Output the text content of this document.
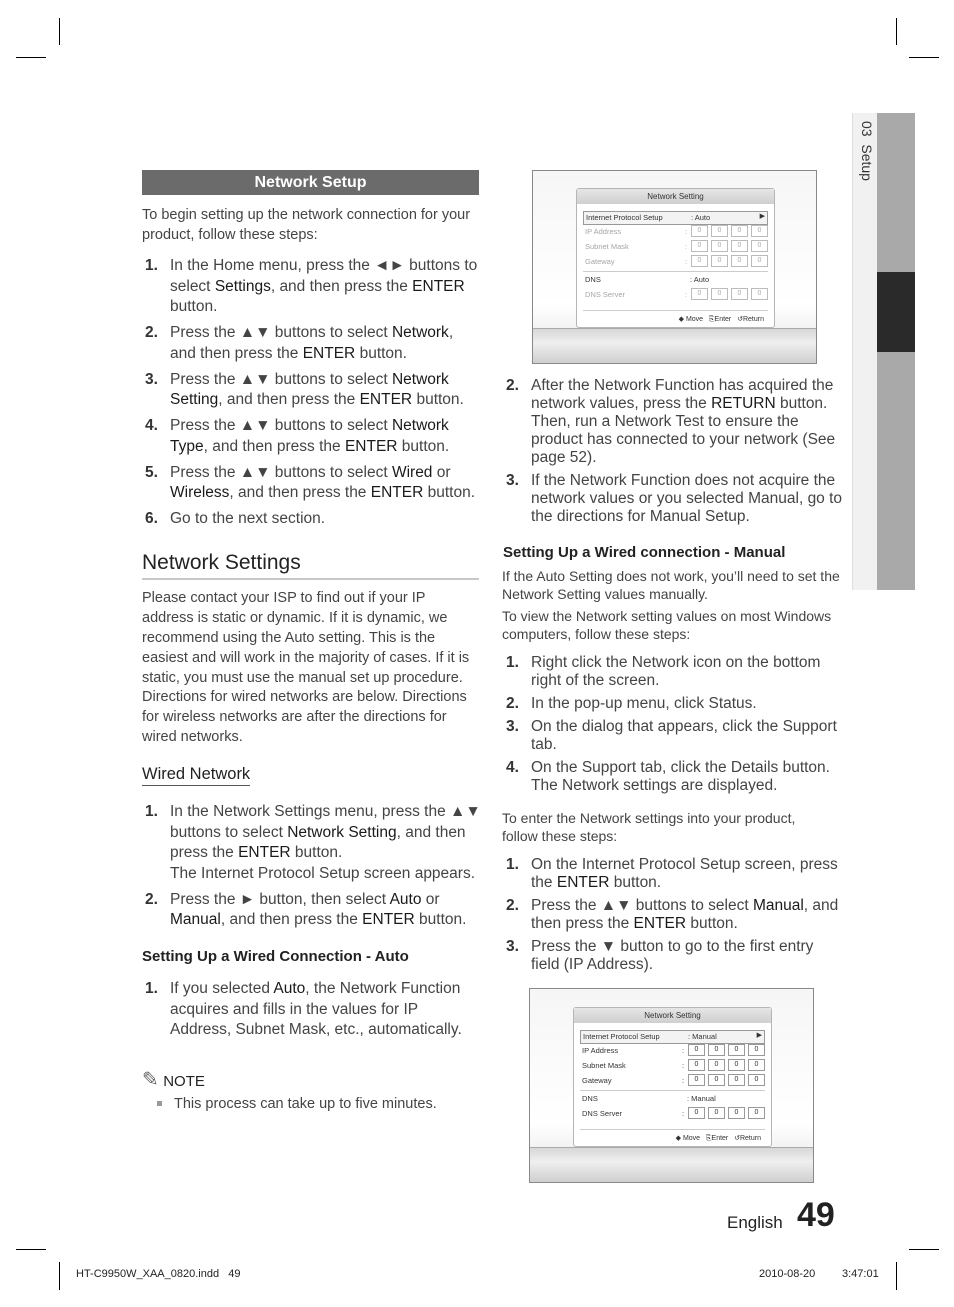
03  Setup
Network Setup

To begin setting up the network connection for your product, follow these steps:

1. In the Home menu, press the ◄► buttons to select Settings, and then press the ENTER button.
2. Press the ▲▼ buttons to select Network, and then press the ENTER button.
3. Press the ▲▼ buttons to select Network Setting, and then press the ENTER button.
4. Press the ▲▼ buttons to select Network Type, and then press the ENTER button.
5. Press the ▲▼ buttons to select Wired or Wireless, and then press the ENTER button.
6. Go to the next section.
Network Settings

Please contact your ISP to find out if your IP address is static or dynamic. If it is dynamic, we recommend using the Auto setting. This is the easiest and will work in the majority of cases. If it is static, you must use the manual set up procedure.

Directions for wired networks are below. Directions for wireless networks are after the directions for wired networks.

Wired Network
1. In the Network Settings menu, press the ▲▼ buttons to select Network Setting, and then press the ENTER button.
The Internet Protocol Setup screen appears.
2. Press the ► button, then select Auto or Manual, and then press the ENTER button.
Setting Up a Wired Connection - Auto
1. If you selected Auto, the Network Function acquires and fills in the values for IP Address, Subnet Mask, etc., automatically.
✎ NOTE
This process can take up to five minutes.
Network Setting
Internet Protocol Setup	: Auto	▶
IP Address	:	0	0	0	0
Subnet Mask	:	0	0	0	0
Gateway	:	0	0	0	0
DNS	: Auto
DNS Server	:	0	0	0	0
◆ Move ⎘Enter ↺Return
2. After the Network Function has acquired the network values, press the RETURN button. Then, run a Network Test to ensure the product has connected to your network (See page 52).
3. If the Network Function does not acquire the network values or you selected Manual, go to the directions for Manual Setup.
Setting Up a Wired connection - Manual

If the Auto Setting does not work, you’ll need to set the Network Setting values manually.

To view the Network setting values on most Windows computers, follow these steps:

1. Right click the Network icon on the bottom right of the screen.
2. In the pop-up menu, click Status.
3. On the dialog that appears, click the Support tab.
4. On the Support tab, click the Details button. The Network settings are displayed.

To enter the Network settings into your product, follow these steps:

1. On the Internet Protocol Setup screen, press the ENTER button.
2. Press the ▲▼ buttons to select Manual, and then press the ENTER button.
3. Press the ▼ button to go to the first entry field (IP Address).
Network Setting
Internet Protocol Setup	: Manual	▶
IP Address	:	0	0	0	0
Subnet Mask	:	0	0	0	0
Gateway	:	0	0	0	0
DNS	: Manual
DNS Server	:	0	0	0	0
◆ Move ⎘Enter ↺Return
English 49
HT-C9950W_XAA_0820.indd   49	2010-08-20 3:47:01
